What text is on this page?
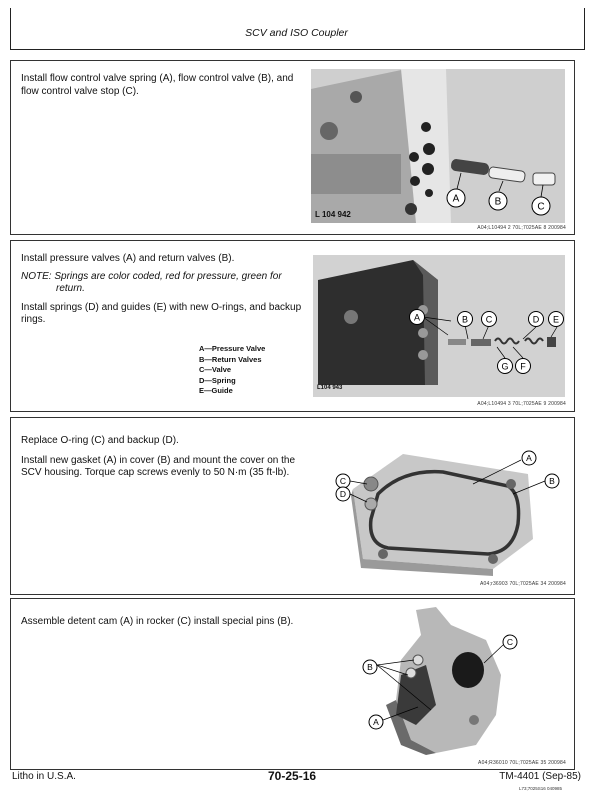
SCV and ISO Coupler
Install flow control valve spring (A), flow control valve (B), and flow control valve stop (C).
A	B	C
L 104 942
A04;L10494 2 70L;7025AE 8 200984
Install pressure valves (A) and return valves (B).
NOTE: Springs are color coded, red for pressure, green for return.
Install springs (D) and guides (E) with new O-rings, and backup rings.
A—Pressure Valve
B—Return Valves
C—Valve
D—Spring
E—Guide
A	B C	D E
G F
L104 943
A04;L10494 3 70L;7025AE 9 200984
Replace O-ring (C) and backup (D).
Install new gasket (A) in cover (B) and mount the cover on the SCV housing. Torque cap screws evenly to 50 N·m (35 ft-lb).
C
D
A
B
A04;r36903 70L;7025AE 34 200984
Assemble detent cam (A) in rocker (C) install special pins (B).
C
B
A
A04;R36010 70L;7025AE 35 200984
Litho in U.S.A.	70-25-16	TM-4401 (Sep-85)
L73;7025S16 040985
